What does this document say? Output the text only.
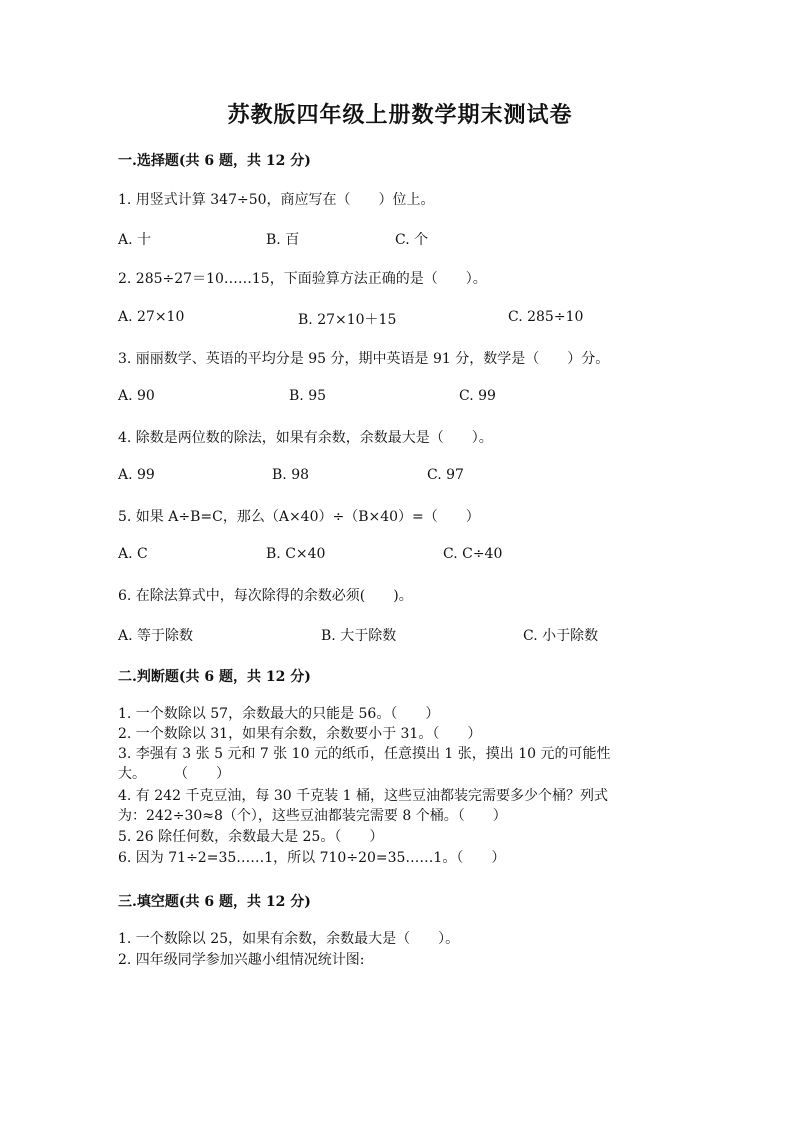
苏教版四年级上册数学期末测试卷
一.选择题(共 6 题，共 12 分)
1. 用竖式计算 347÷50，商应写在（　　）位上。
A. 十	B. 百	C. 个
2. 285÷27＝10……15，下面验算方法正确的是（　　）。
A. 27×10	B. 27×10＋15	C. 285÷10
3. 丽丽数学、英语的平均分是 95 分，期中英语是 91 分，数学是（　　）分。
A. 90	B. 95	C. 99
4. 除数是两位数的除法，如果有余数，余数最大是（　　）。
A. 99	B. 98	C. 97
5. 如果 A÷B=C，那么（A×40）÷（B×40）=（　　）
A. C	B. C×40	C. C÷40
6. 在除法算式中，每次除得的余数必须(　　)。
A. 等于除数	B. 大于除数	C. 小于除数
二.判断题(共 6 题，共 12 分)
1. 一个数除以 57，余数最大的只能是 56。（　　）
2. 一个数除以 31，如果有余数，余数要小于 31。（　　）
3. 李强有 3 张 5 元和 7 张 10 元的纸币，任意摸出 1 张，摸出 10 元的可能性
大。　　　（　　）
4. 有 242 千克豆油，每 30 千克装 1 桶，这些豆油都装完需要多少个桶？列式
为：242÷30≈8（个），这些豆油都装完需要 8 个桶。（　　）
5. 26 除任何数，余数最大是 25。（　　）
6. 因为 71÷2=35……1，所以 710÷20=35……1。（　　）
三.填空题(共 6 题，共 12 分)
1. 一个数除以 25，如果有余数，余数最大是（　　）。
2. 四年级同学参加兴趣小组情况统计图:
